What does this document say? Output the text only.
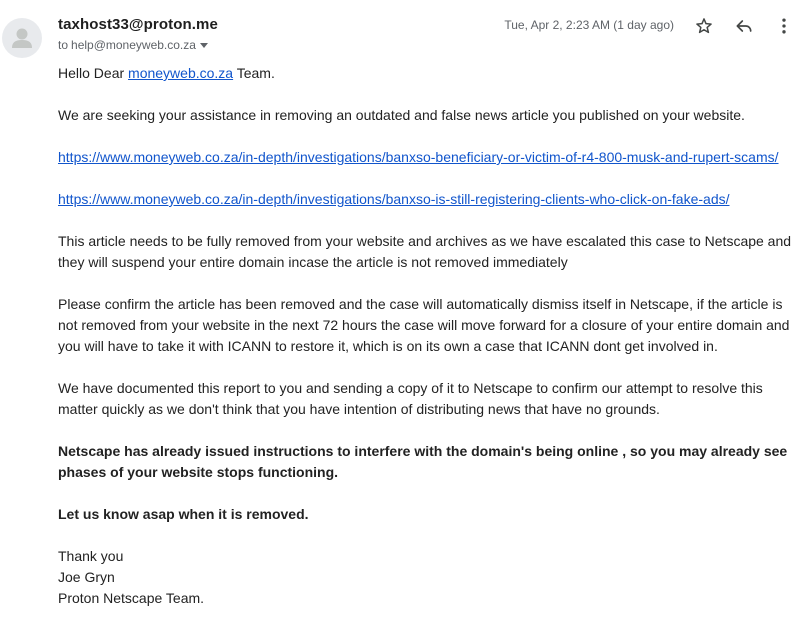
taxhost33@proton.me
to help@moneyweb.co.za
Tue, Apr 2, 2:23 AM (1 day ago)

Hello Dear moneyweb.co.za Team.

We are seeking your assistance in removing an outdated and false news article you published on your website.

https://www.moneyweb.co.za/in-depth/investigations/banxso-beneficiary-or-victim-of-r4-800-musk-and-rupert-scams/

https://www.moneyweb.co.za/in-depth/investigations/banxso-is-still-registering-clients-who-click-on-fake-ads/

This article needs to be fully removed from your website and archives as we have escalated this case to Netscape and they will suspend your entire domain incase the article is not removed immediately

Please confirm the article has been removed and the case will automatically dismiss itself in Netscape, if the article is not removed from your website in the next 72 hours the case will move forward for a closure of your entire domain and you will have to take it with ICANN to restore it, which is on its own a case that ICANN dont get involved in.

We have documented this report to you and sending a copy of it to Netscape to confirm our attempt to resolve this matter quickly as we don't think that you have intention of distributing news that have no grounds.

Netscape has already issued instructions to interfere with the domain's being online , so you may already see phases of your website stops functioning.

Let us know asap when it is removed.

Thank you
Joe Gryn
Proton Netscape Team.
